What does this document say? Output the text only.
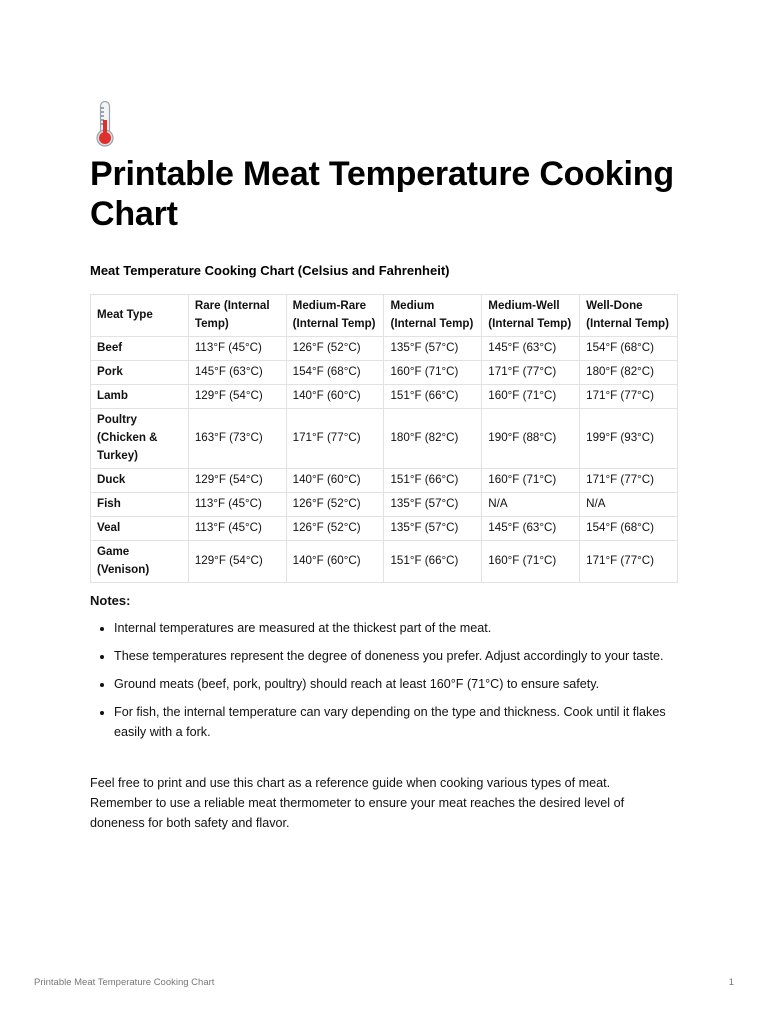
Printable Meat Temperature Cooking Chart

Meat Temperature Cooking Chart (Celsius and Fahrenheit)

Meat Type	Rare (Internal Temp)	Medium-Rare (Internal Temp)	Medium (Internal Temp)	Medium-Well (Internal Temp)	Well-Done (Internal Temp)
Beef	113°F (45°C)	126°F (52°C)	135°F (57°C)	145°F (63°C)	154°F (68°C)
Pork	145°F (63°C)	154°F (68°C)	160°F (71°C)	171°F (77°C)	180°F (82°C)
Lamb	129°F (54°C)	140°F (60°C)	151°F (66°C)	160°F (71°C)	171°F (77°C)
Poultry (Chicken & Turkey)	163°F (73°C)	171°F (77°C)	180°F (82°C)	190°F (88°C)	199°F (93°C)
Duck	129°F (54°C)	140°F (60°C)	151°F (66°C)	160°F (71°C)	171°F (77°C)
Fish	113°F (45°C)	126°F (52°C)	135°F (57°C)	N/A	N/A
Veal	113°F (45°C)	126°F (52°C)	135°F (57°C)	145°F (63°C)	154°F (68°C)
Game (Venison)	129°F (54°C)	140°F (60°C)	151°F (66°C)	160°F (71°C)	171°F (77°C)

Notes:

• Internal temperatures are measured at the thickest part of the meat.
• These temperatures represent the degree of doneness you prefer. Adjust accordingly to your taste.
• Ground meats (beef, pork, poultry) should reach at least 160°F (71°C) to ensure safety.
• For fish, the internal temperature can vary depending on the type and thickness. Cook until it flakes easily with a fork.

Feel free to print and use this chart as a reference guide when cooking various types of meat. Remember to use a reliable meat thermometer to ensure your meat reaches the desired level of doneness for both safety and flavor.

Printable Meat Temperature Cooking Chart	1
